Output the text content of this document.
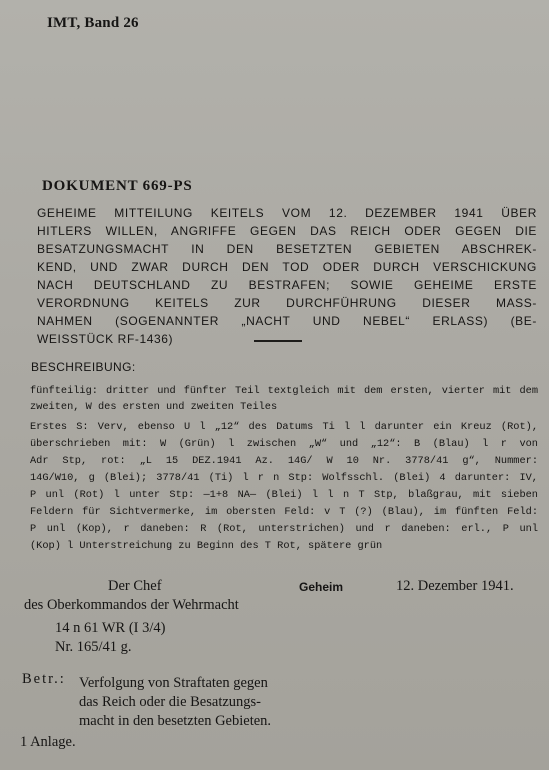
IMT, Band 26
DOKUMENT 669-PS
GEHEIME MITTEILUNG KEITELS VOM 12. DEZEMBER 1941 ÜBER
HITLERS WILLEN, ANGRIFFE GEGEN DAS REICH ODER GEGEN DIE
BESATZUNGSMACHT IN DEN BESETZTEN GEBIETEN ABSCHREK-
KEND, UND ZWAR DURCH DEN TOD ODER DURCH VERSCHICKUNG
NACH DEUTSCHLAND ZU BESTRAFEN; SOWIE GEHEIME ERSTE
VERORDNUNG KEITELS ZUR DURCHFÜHRUNG DIESER MASS-
NAHMEN (SOGENANNTER „NACHT UND NEBEL“ ERLASS) (BE-
WEISSTÜCK RF-1436)
BESCHREIBUNG:
fünfteilig: dritter und fünfter Teil textgleich mit dem ersten, vierter mit dem
zweiten, W des ersten und zweiten Teiles
Erstes S: Verv, ebenso U l „12“ des Datums Ti l l darunter ein Kreuz (Rot),
überschrieben mit: W (Grün) l zwischen „W“ und „12“: B (Blau) l r von
Adr Stp, rot: „L 15 DEZ.1941 Az. 14G/ W 10 Nr. 3778/41 g“, Nummer:
14G/W10, g (Blei); 3778/41 (Ti) l r n Stp: Wolfsschl. (Blei) 4 darunter: IV,
P unl (Rot) l unter Stp: —1+8 NA— (Blei) l l n T Stp, blaßgrau, mit sieben
Feldern für Sichtvermerke, im obersten Feld: v T (?) (Blau), im fünften Feld:
P unl (Kop), r daneben: R (Rot, unterstrichen) und r daneben: erl., P unl
(Kop) l Unterstreichung zu Beginn des T Rot, spätere grün
Der Chef	Geheim	12. Dezember 1941.
des Oberkommandos der Wehrmacht
14 n 61 WR (I 3/4)
Nr. 165/41 g.
Betr.: Verfolgung von Straftaten gegen
das Reich oder die Besatzungs-
macht in den besetzten Gebieten.
1 Anlage.
